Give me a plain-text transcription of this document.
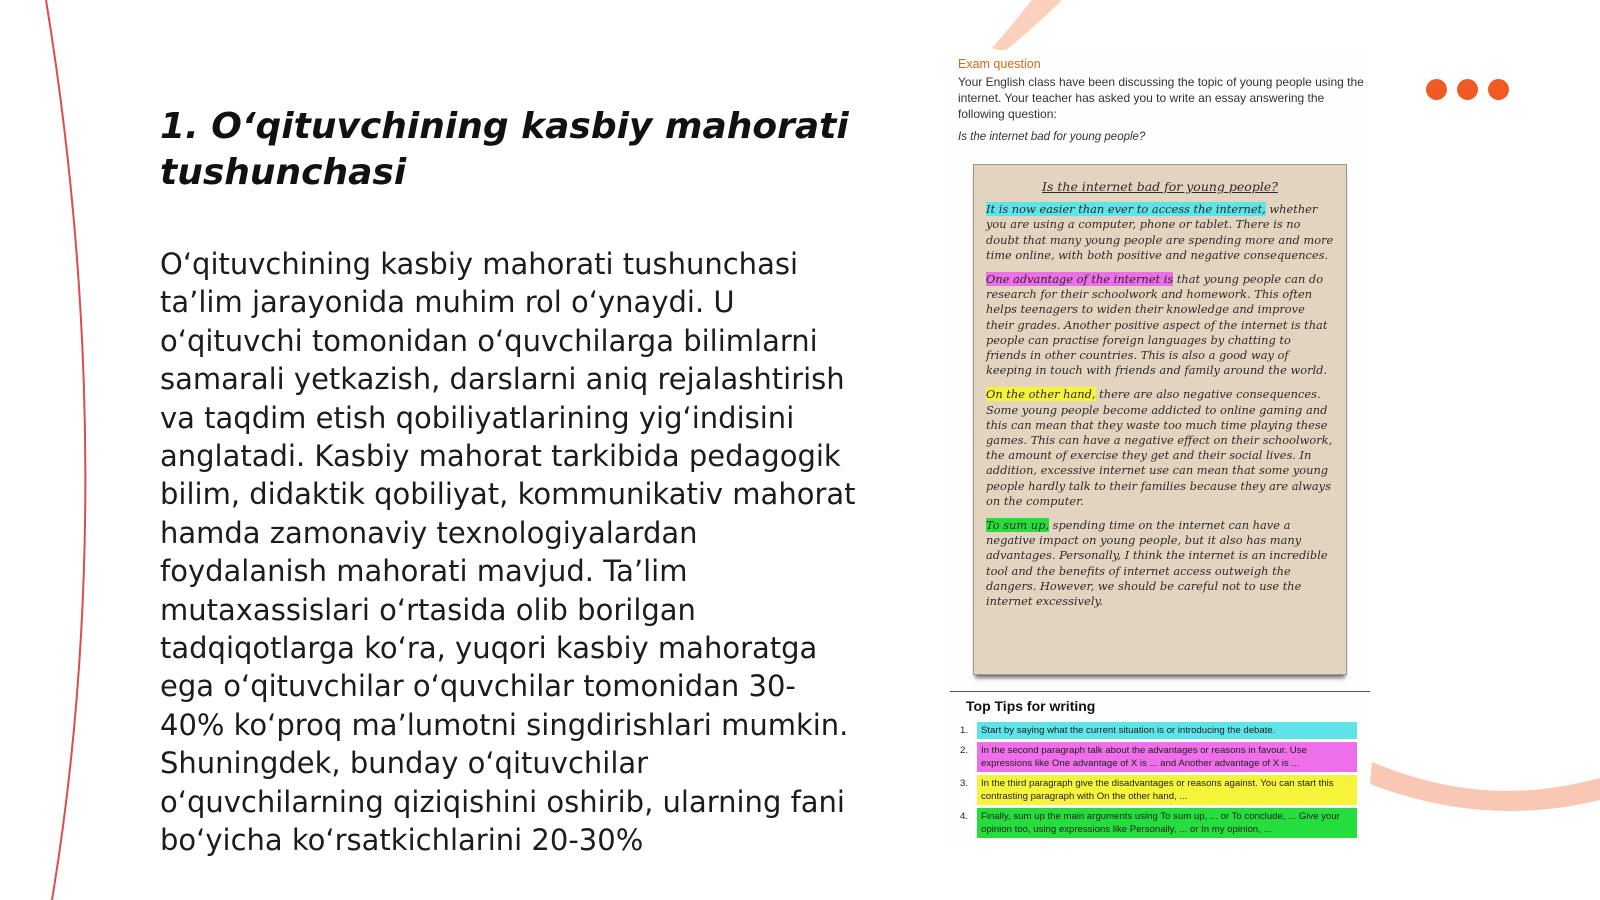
1. O‘qituvchining kasbiy mahorati tushunchasi

O‘qituvchining kasbiy mahorati tushunchasi ta’lim jarayonida muhim rol o‘ynaydi. U o‘qituvchi tomonidan o‘quvchilarga bilimlarni samarali yetkazish, darslarni aniq rejalashtirish va taqdim etish qobiliyatlarining yig‘indisini anglatadi. Kasbiy mahorat tarkibida pedagogik bilim, didaktik qobiliyat, kommunikativ mahorat hamda zamonaviy texnologiyalardan foydalanish mahorati mavjud. Ta’lim mutaxassislari o‘rtasida olib borilgan tadqiqotlarga ko‘ra, yuqori kasbiy mahoratga ega o‘qituvchilar o‘quvchilar tomonidan 30-40% ko‘proq ma’lumotni singdirishlari mumkin. Shuningdek, bunday o‘qituvchilar o‘quvchilarning qiziqishini oshirib, ularning fani bo‘yicha ko‘rsatkichlarini 20-30%

Exam question

Your English class have been discussing the topic of young people using the internet. Your teacher has asked you to write an essay answering the following question:

Is the internet bad for young people?

Is the internet bad for young people?

It is now easier than ever to access the internet, whether you are using a computer, phone or tablet. There is no doubt that many young people are spending more and more time online, with both positive and negative consequences.

One advantage of the internet is that young people can do research for their schoolwork and homework. This often helps teenagers to widen their knowledge and improve their grades. Another positive aspect of the internet is that people can practise foreign languages by chatting to friends in other countries. This is also a good way of keeping in touch with friends and family around the world.

On the other hand, there are also negative consequences. Some young people become addicted to online gaming and this can mean that they waste too much time playing these games. This can have a negative effect on their schoolwork, the amount of exercise they get and their social lives. In addition, excessive internet use can mean that some young people hardly talk to their families because they are always on the computer.

To sum up, spending time on the internet can have a negative impact on young people, but it also has many advantages. Personally, I think the internet is an incredible tool and the benefits of internet access outweigh the dangers. However, we should be careful not to use the internet excessively.

Top Tips for writing
1.	Start by saying what the current situation is or introducing the debate.
2.	In the second paragraph talk about the advantages or reasons in favour. Use expressions like One advantage of X is ... and Another advantage of X is ...
3.	In the third paragraph give the disadvantages or reasons against. You can start this contrasting paragraph with On the other hand, ...
4.	Finally, sum up the main arguments using To sum up, ... or To conclude, ... Give your opinion too, using expressions like Personally, ... or In my opinion, ...
